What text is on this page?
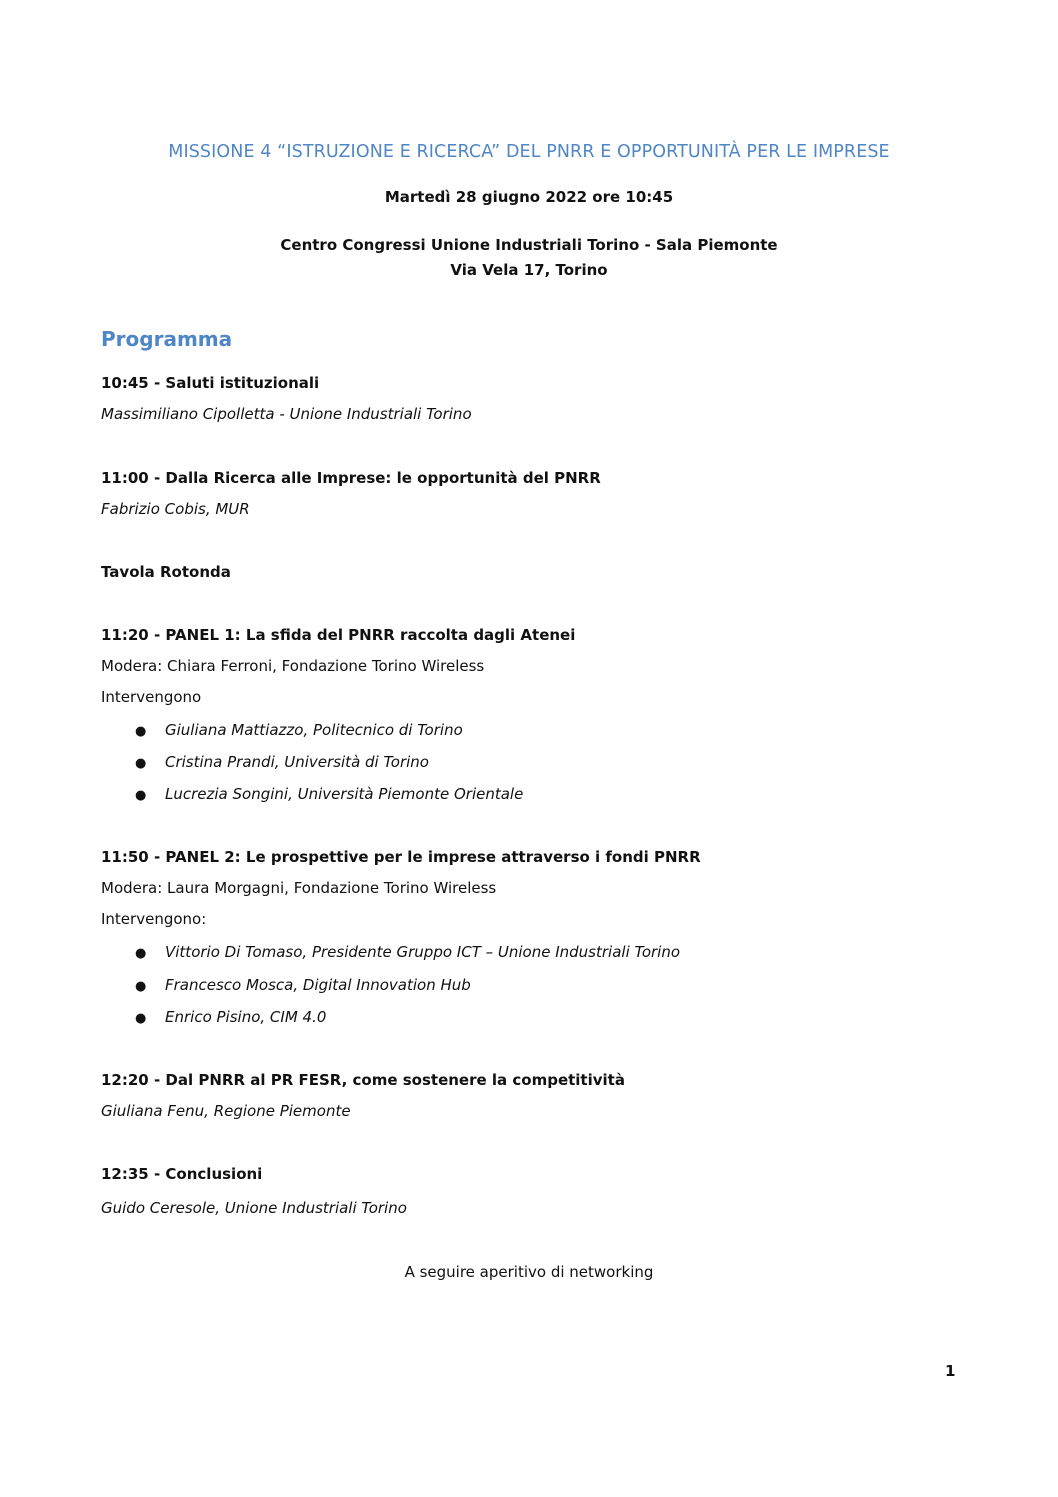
MISSIONE 4 “ISTRUZIONE E RICERCA” DEL PNRR E OPPORTUNITÀ PER LE IMPRESE
Martedì 28 giugno 2022 ore 10:45
Centro Congressi Unione Industriali Torino - Sala Piemonte
Via Vela 17, Torino
Programma
10:45 - Saluti istituzionali
Massimiliano Cipolletta - Unione Industriali Torino
11:00 - Dalla Ricerca alle Imprese: le opportunità del PNRR
Fabrizio Cobis, MUR
Tavola Rotonda
11:20 - PANEL 1: La sfida del PNRR raccolta dagli Atenei
Modera: Chiara Ferroni, Fondazione Torino Wireless
Intervengono
● Giuliana Mattiazzo, Politecnico di Torino
● Cristina Prandi, Università di Torino
● Lucrezia Songini, Università Piemonte Orientale
11:50 - PANEL 2: Le prospettive per le imprese attraverso i fondi PNRR
Modera: Laura Morgagni, Fondazione Torino Wireless
Intervengono:
● Vittorio Di Tomaso, Presidente Gruppo ICT – Unione Industriali Torino
● Francesco Mosca, Digital Innovation Hub
● Enrico Pisino, CIM 4.0
12:20 - Dal PNRR al PR FESR, come sostenere la competitività
Giuliana Fenu, Regione Piemonte
12:35 - Conclusioni
Guido Ceresole, Unione Industriali Torino
A seguire aperitivo di networking
1
